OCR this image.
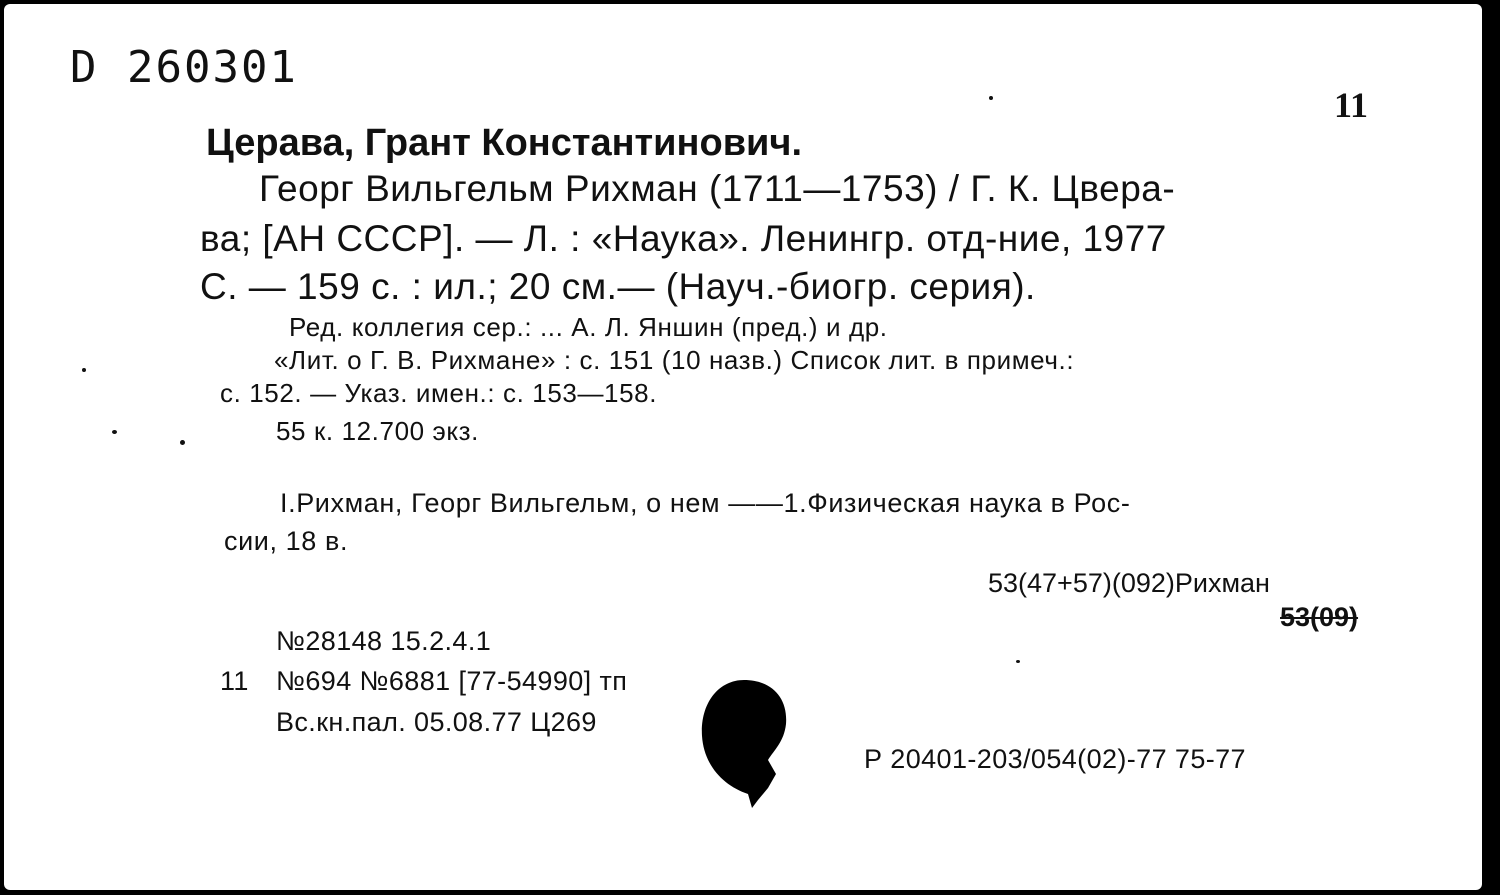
D 260301
11
Церава, Грант Константинович.
Георг Вильгельм Рихман (1711—1753) / Г. К. Цвера-
ва; [АН СССР]. — Л. : «Наука». Ленингр. отд-ние, 1977
С. — 159 с. : ил.; 20 см.— (Науч.-биогр. серия).
Ред. коллегия сер.: ... А. Л. Яншин (пред.) и др.
«Лит. о Г. В. Рихмане» : с. 151 (10 назв.) Список лит. в примеч.:
с. 152. — Указ. имен.: с. 153—158.
55 к. 12.700 экз.
I.Рихман, Георг Вильгельм, о нем ——1.Физическая наука в Рос-
сии, 18 в.
53(47+57)(092)Рихман
53(09)
№28148 15.2.4.1
11 №694 №6881 [77-54990] тп
Вс.кн.пал. 05.08.77 Ц269
Р 20401-203/054(02)-77 75-77
